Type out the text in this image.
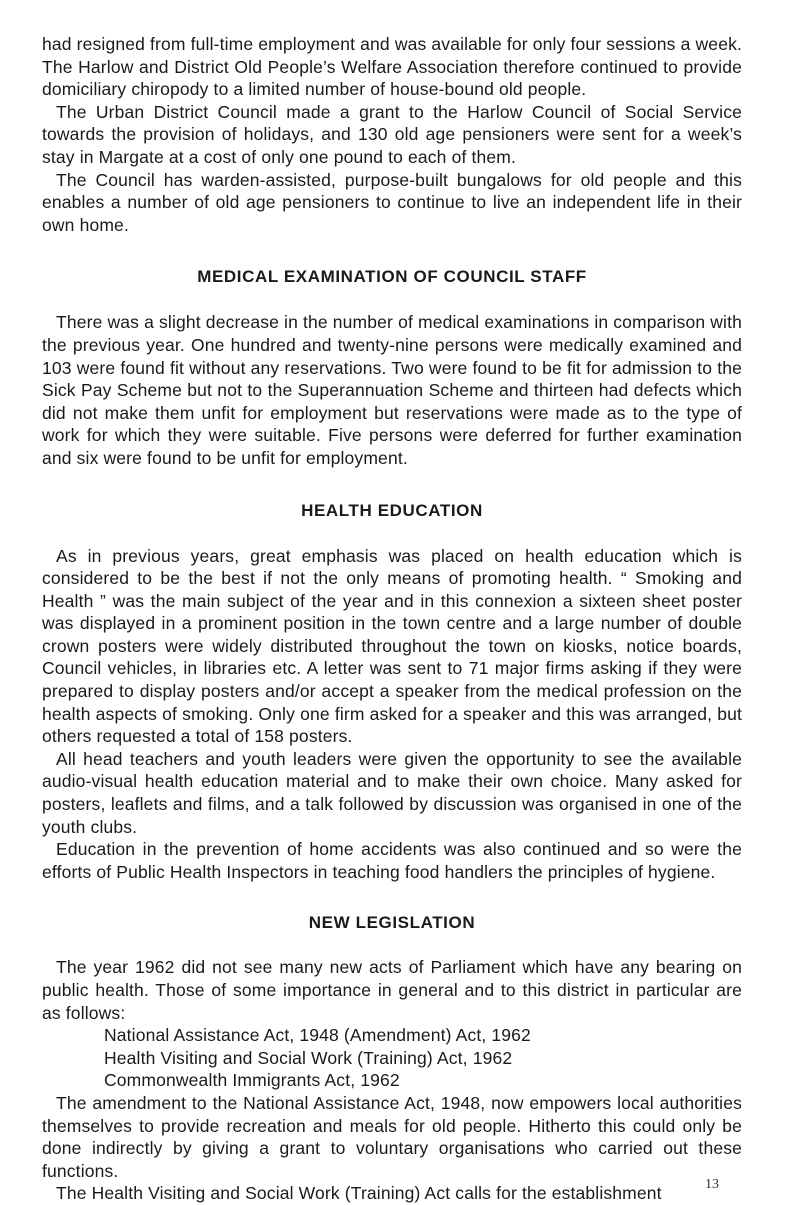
had resigned from full-time employment and was available for only four sessions a week. The Harlow and District Old People’s Welfare Association therefore continued to provide domiciliary chiropody to a limited number of house-bound old people.

The Urban District Council made a grant to the Harlow Council of Social Service towards the provision of holidays, and 130 old age pensioners were sent for a week’s stay in Margate at a cost of only one pound to each of them.

The Council has warden-assisted, purpose-built bungalows for old people and this enables a number of old age pensioners to continue to live an independent life in their own home.

MEDICAL EXAMINATION OF COUNCIL STAFF

There was a slight decrease in the number of medical examinations in comparison with the previous year. One hundred and twenty-nine persons were medically examined and 103 were found fit without any reservations. Two were found to be fit for admission to the Sick Pay Scheme but not to the Superannuation Scheme and thirteen had defects which did not make them unfit for employment but reservations were made as to the type of work for which they were suitable. Five persons were deferred for further examination and six were found to be unfit for employment.

HEALTH EDUCATION

As in previous years, great emphasis was placed on health education which is considered to be the best if not the only means of promoting health. “ Smoking and Health ” was the main subject of the year and in this connexion a sixteen sheet poster was displayed in a prominent position in the town centre and a large number of double crown posters were widely distributed throughout the town on kiosks, notice boards, Council vehicles, in libraries etc. A letter was sent to 71 major firms asking if they were prepared to display posters and/or accept a speaker from the medical profession on the health aspects of smoking. Only one firm asked for a speaker and this was arranged, but others requested a total of 158 posters.

All head teachers and youth leaders were given the opportunity to see the available audio-visual health education material and to make their own choice. Many asked for posters, leaflets and films, and a talk followed by discussion was organised in one of the youth clubs.

Education in the prevention of home accidents was also continued and so were the efforts of Public Health Inspectors in teaching food handlers the principles of hygiene.

NEW LEGISLATION

The year 1962 did not see many new acts of Parliament which have any bearing on public health. Those of some importance in general and to this district in particular are as follows:

National Assistance Act, 1948 (Amendment) Act, 1962
Health Visiting and Social Work (Training) Act, 1962
Commonwealth Immigrants Act, 1962

The amendment to the National Assistance Act, 1948, now empowers local authorities themselves to provide recreation and meals for old people. Hitherto this could only be done indirectly by giving a grant to voluntary organisations who carried out these functions.

The Health Visiting and Social Work (Training) Act calls for the establishment	13
